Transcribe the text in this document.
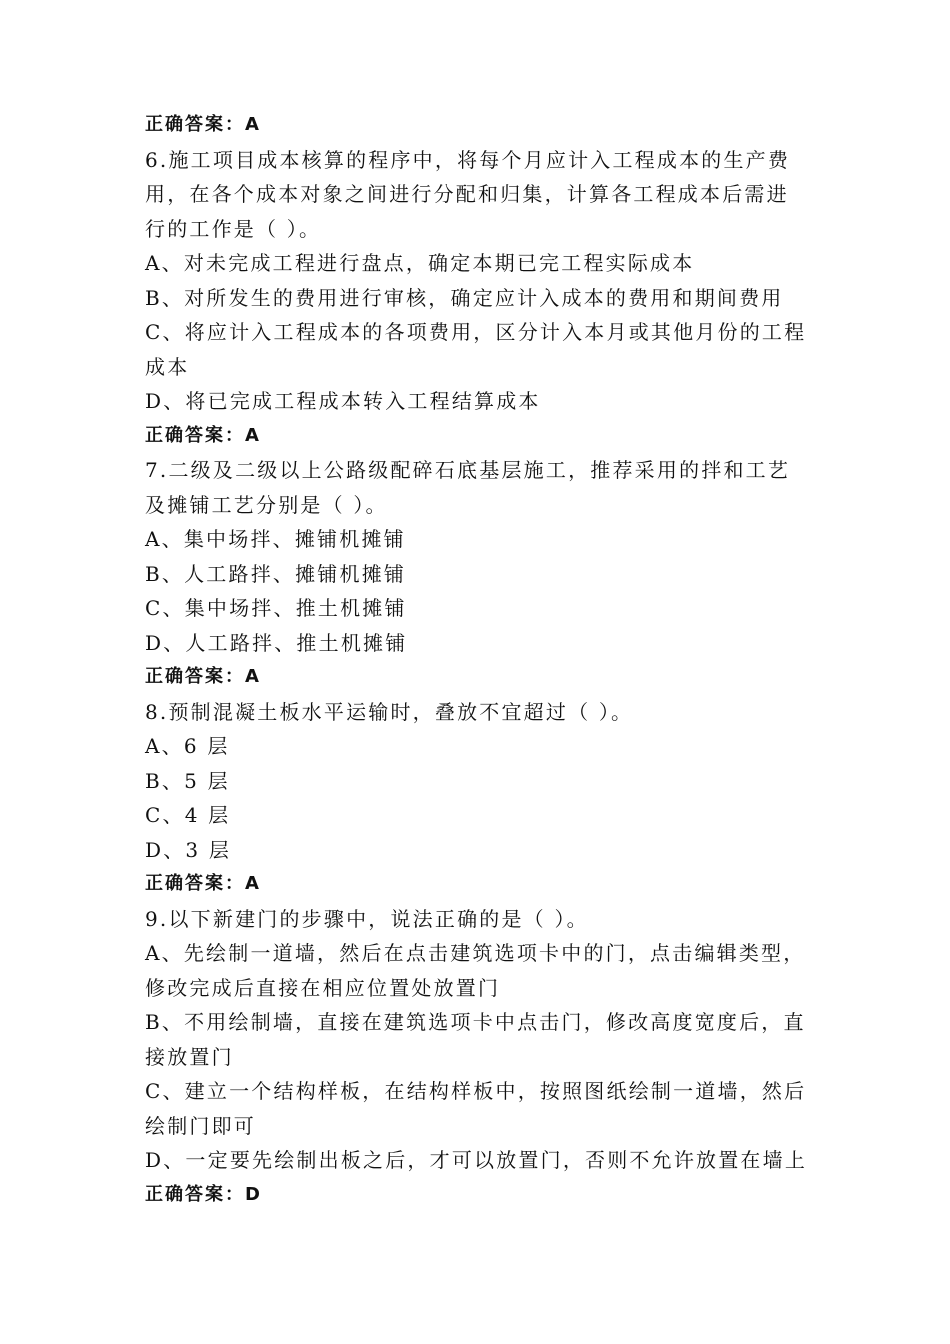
正确答案：A
6.施工项目成本核算的程序中，将每个月应计入工程成本的生产费
用，在各个成本对象之间进行分配和归集，计算各工程成本后需进
行的工作是（ ）。
A、对未完成工程进行盘点，确定本期已完工程实际成本
B、对所发生的费用进行审核，确定应计入成本的费用和期间费用
C、将应计入工程成本的各项费用，区分计入本月或其他月份的工程
成本
D、将已完成工程成本转入工程结算成本
正确答案：A
7.二级及二级以上公路级配碎石底基层施工，推荐采用的拌和工艺
及摊铺工艺分别是（ ）。
A、集中场拌、摊铺机摊铺
B、人工路拌、摊铺机摊铺
C、集中场拌、推土机摊铺
D、人工路拌、推土机摊铺
正确答案：A
8.预制混凝土板水平运输时，叠放不宜超过（ ）。
A、6 层
B、5 层
C、4 层
D、3 层
正确答案：A
9.以下新建门的步骤中，说法正确的是（ ）。
A、先绘制一道墙，然后在点击建筑选项卡中的门，点击编辑类型，
修改完成后直接在相应位置处放置门
B、不用绘制墙，直接在建筑选项卡中点击门，修改高度宽度后，直
接放置门
C、建立一个结构样板，在结构样板中，按照图纸绘制一道墙，然后
绘制门即可
D、一定要先绘制出板之后，才可以放置门，否则不允许放置在墙上
正确答案：D
